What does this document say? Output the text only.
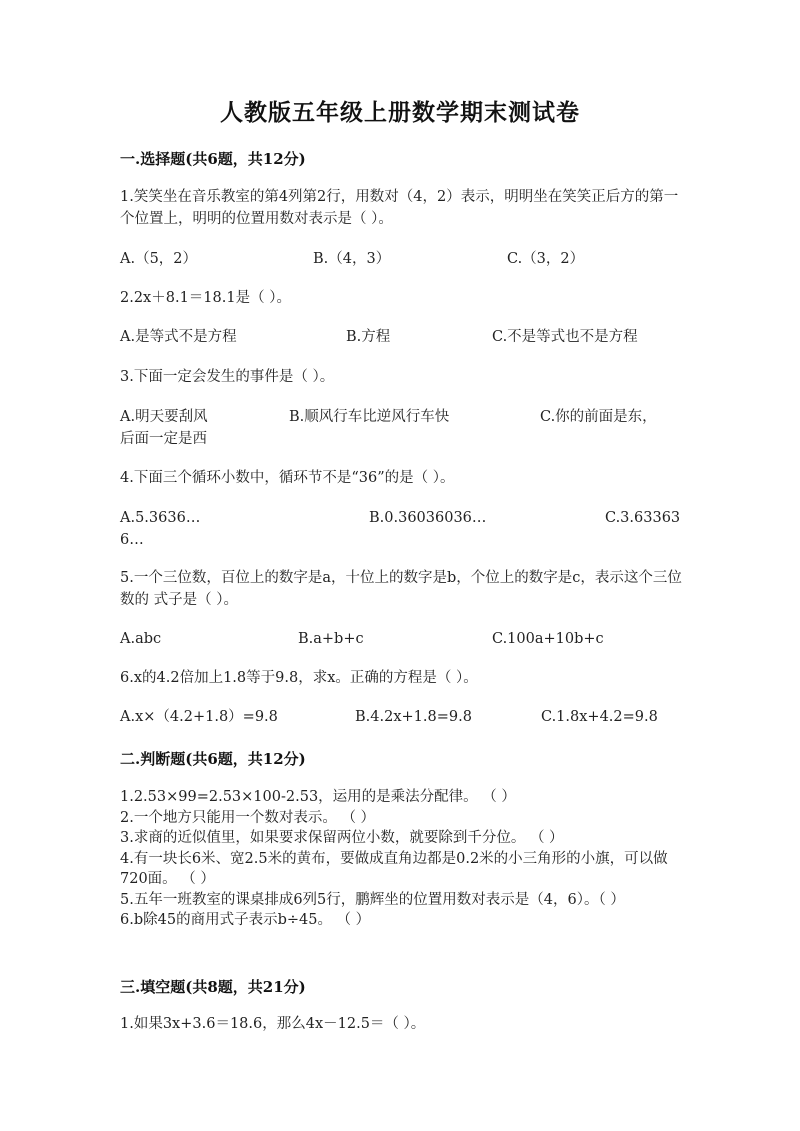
人教版五年级上册数学期末测试卷
一.选择题(共6题，共12分)
1.笑笑坐在音乐教室的第4列第2行，用数对（4，2）表示，明明坐在笑笑正后方的第一个位置上，明明的位置用数对表示是（ ）。
A.（5，2）	B.（4，3）	C.（3，2）
2.2x＋8.1＝18.1是（ ）。
A.是等式不是方程	B.方程	C.不是等式也不是方程
3.下面一定会发生的事件是（ ）。
A.明天要刮风	B.顺风行车比逆风行车快	C.你的前面是东，
后面一定是西
4.下面三个循环小数中，循环节不是“36”的是（ ）。
A.5.3636…	B.0.36036036…	C.3.63363
6…
5.一个三位数，百位上的数字是a，十位上的数字是b，个位上的数字是c，表示这个三位数的 式子是（ ）。
A.abc	B.a+b+c	C.100a+10b+c
6.x的4.2倍加上1.8等于9.8，求x。正确的方程是（ ）。
A.x×（4.2+1.8）=9.8	B.4.2x+1.8=9.8	C.1.8x+4.2=9.8
二.判断题(共6题，共12分)
1.2.53×99=2.53×100-2.53，运用的是乘法分配律。 （ ）
2.一个地方只能用一个数对表示。 （ ）
3.求商的近似值里，如果要求保留两位小数，就要除到千分位。 （ ）
4.有一块长6米、宽2.5米的黄布，要做成直角边都是0.2米的小三角形的小旗，可以做720面。 （ ）
5.五年一班教室的课桌排成6列5行，鹏辉坐的位置用数对表示是（4，6）。（ ）
6.b除45的商用式子表示b÷45。 （ ）
三.填空题(共8题，共21分)
1.如果3x+3.6＝18.6，那么4x－12.5＝（ ）。
